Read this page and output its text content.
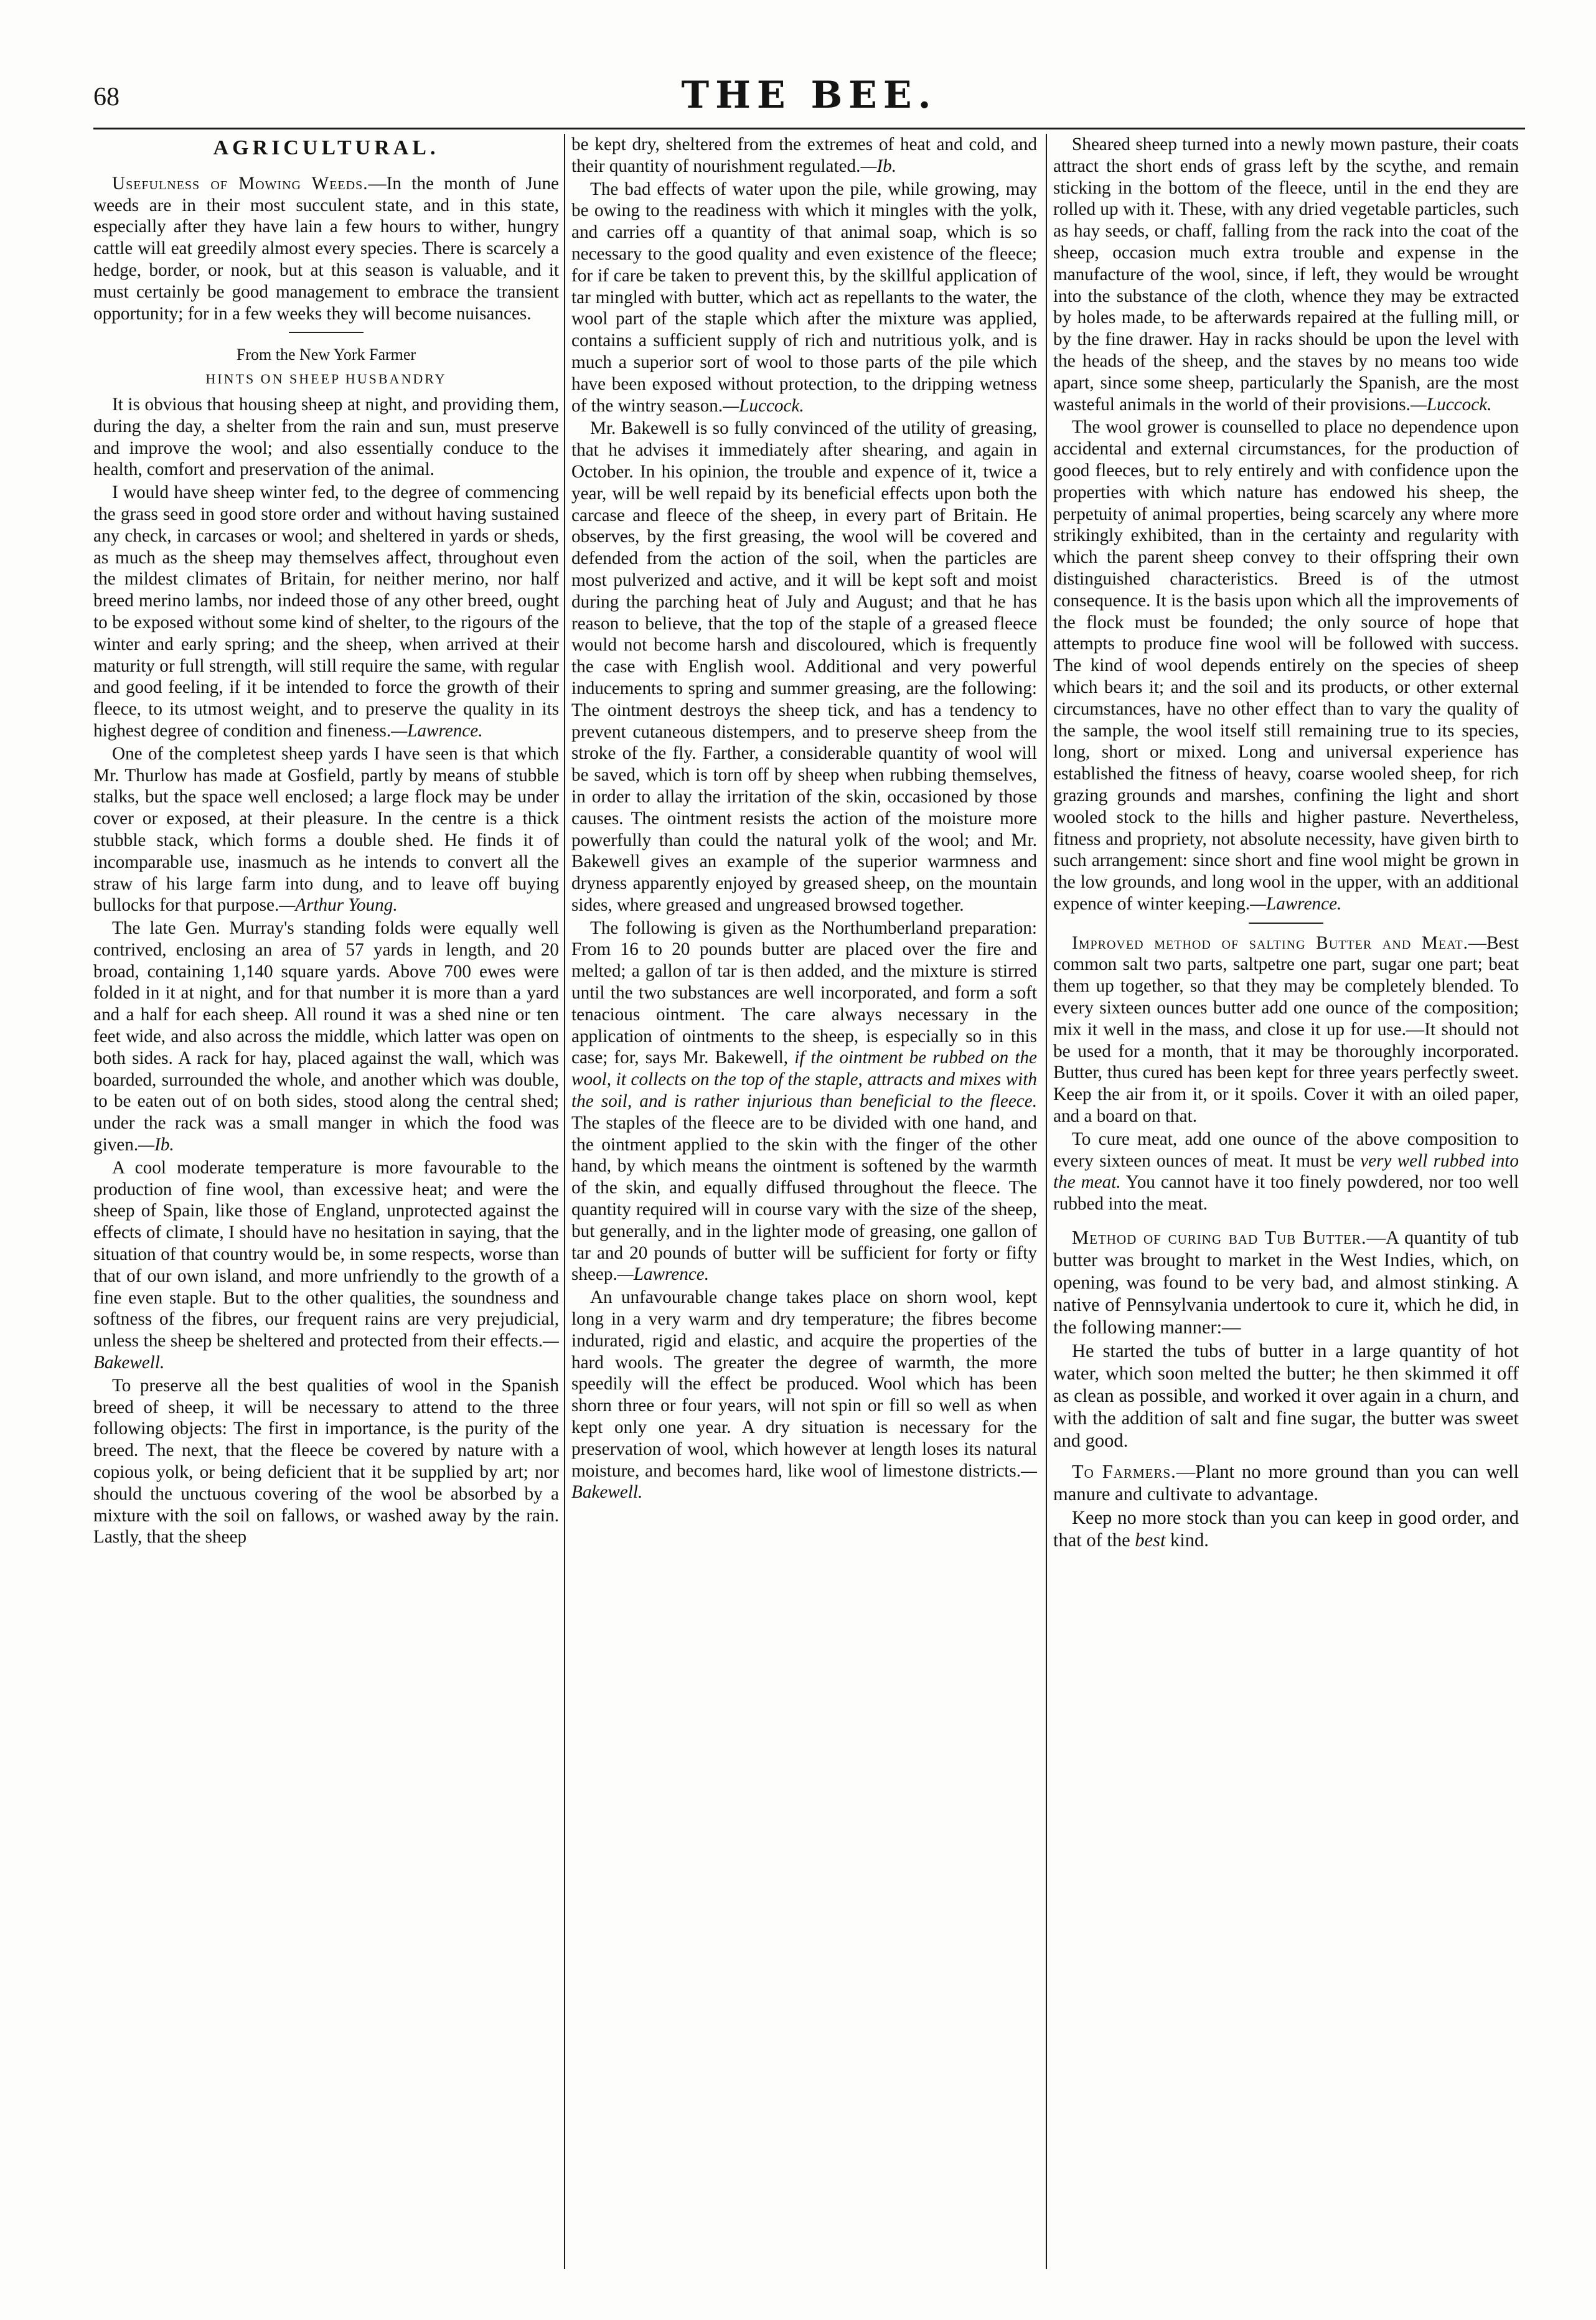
68	THE BEE.
AGRICULTURAL.

Usefulness of Mowing Weeds.—In the month of June weeds are in their most succulent state, and in this state, especially after they have lain a few hours to wither, hungry cattle will eat greedily almost every species. There is scarcely a hedge, border, or nook, but at this season is valuable, and it must certainly be good management to embrace the transient opportunity; for in a few weeks they will become nuisances.

From the New York Farmer
HINTS ON SHEEP HUSBANDRY

It is obvious that housing sheep at night, and providing them, during the day, a shelter from the rain and sun, must preserve and improve the wool; and also essentially conduce to the health, comfort and preservation of the animal.

I would have sheep winter fed, to the degree of commencing the grass seed in good store order and without having sustained any check, in carcases or wool; and sheltered in yards or sheds, as much as the sheep may themselves affect, throughout even the mildest climates of Britain, for neither merino, nor half breed merino lambs, nor indeed those of any other breed, ought to be exposed without some kind of shelter, to the rigours of the winter and early spring; and the sheep, when arrived at their maturity or full strength, will still require the same, with regular and good feeling, if it be intended to force the growth of their fleece, to its utmost weight, and to preserve the quality in its highest degree of condition and fineness.—Lawrence.

One of the completest sheep yards I have seen is that which Mr. Thurlow has made at Gosfield, partly by means of stubble stalks, but the space well enclosed; a large flock may be under cover or exposed, at their pleasure. In the centre is a thick stubble stack, which forms a double shed. He finds it of incomparable use, inasmuch as he intends to convert all the straw of his large farm into dung, and to leave off buying bullocks for that purpose.—Arthur Young.

The late Gen. Murray's standing folds were equally well contrived, enclosing an area of 57 yards in length, and 20 broad, containing 1,140 square yards. Above 700 ewes were folded in it at night, and for that number it is more than a yard and a half for each sheep. All round it was a shed nine or ten feet wide, and also across the middle, which latter was open on both sides. A rack for hay, placed against the wall, which was boarded, surrounded the whole, and another which was double, to be eaten out of on both sides, stood along the central shed; under the rack was a small manger in which the food was given.—Ib.

A cool moderate temperature is more favourable to the production of fine wool, than excessive heat; and were the sheep of Spain, like those of England, unprotected against the effects of climate, I should have no hesitation in saying, that the situation of that country would be, in some respects, worse than that of our own island, and more unfriendly to the growth of a fine even staple. But to the other qualities, the soundness and softness of the fibres, our frequent rains are very prejudicial, unless the sheep be sheltered and protected from their effects.—Bakewell.

To preserve all the best qualities of wool in the Spanish breed of sheep, it will be necessary to attend to the three following objects: The first in importance, is the purity of the breed. The next, that the fleece be covered by nature with a copious yolk, or being deficient that it be supplied by art; nor should the unctuous covering of the wool be absorbed by a mixture with the soil on fallows, or washed away by the rain. Lastly, that the sheep

be kept dry, sheltered from the extremes of heat and cold, and their quantity of nourishment regulated.—Ib.

The bad effects of water upon the pile, while growing, may be owing to the readiness with which it mingles with the yolk, and carries off a quantity of that animal soap, which is so necessary to the good quality and even existence of the fleece; for if care be taken to prevent this, by the skillful application of tar mingled with butter, which act as repellants to the water, the wool part of the staple which after the mixture was applied, contains a sufficient supply of rich and nutritious yolk, and is much a superior sort of wool to those parts of the pile which have been exposed without protection, to the dripping wetness of the wintry season.—Luccock.

Mr. Bakewell is so fully convinced of the utility of greasing, that he advises it immediately after shearing, and again in October. In his opinion, the trouble and expence of it, twice a year, will be well repaid by its beneficial effects upon both the carcase and fleece of the sheep, in every part of Britain. He observes, by the first greasing, the wool will be covered and defended from the action of the soil, when the particles are most pulverized and active, and it will be kept soft and moist during the parching heat of July and August; and that he has reason to believe, that the top of the staple of a greased fleece would not become harsh and discoloured, which is frequently the case with English wool. Additional and very powerful inducements to spring and summer greasing, are the following: The ointment destroys the sheep tick, and has a tendency to prevent cutaneous distempers, and to preserve sheep from the stroke of the fly. Farther, a considerable quantity of wool will be saved, which is torn off by sheep when rubbing themselves, in order to allay the irritation of the skin, occasioned by those causes. The ointment resists the action of the moisture more powerfully than could the natural yolk of the wool; and Mr. Bakewell gives an example of the superior warmness and dryness apparently enjoyed by greased sheep, on the mountain sides, where greased and ungreased browsed together.

The following is given as the Northumberland preparation: From 16 to 20 pounds butter are placed over the fire and melted; a gallon of tar is then added, and the mixture is stirred until the two substances are well incorporated, and form a soft tenacious ointment. The care always necessary in the application of ointments to the sheep, is especially so in this case; for, says Mr. Bakewell, if the ointment be rubbed on the wool, it collects on the top of the staple, attracts and mixes with the soil, and is rather injurious than beneficial to the fleece. The staples of the fleece are to be divided with one hand, and the ointment applied to the skin with the finger of the other hand, by which means the ointment is softened by the warmth of the skin, and equally diffused throughout the fleece. The quantity required will in course vary with the size of the sheep, but generally, and in the lighter mode of greasing, one gallon of tar and 20 pounds of butter will be sufficient for forty or fifty sheep.—Lawrence.

An unfavourable change takes place on shorn wool, kept long in a very warm and dry temperature; the fibres become indurated, rigid and elastic, and acquire the properties of the hard wools. The greater the degree of warmth, the more speedily will the effect be produced. Wool which has been shorn three or four years, will not spin or fill so well as when kept only one year. A dry situation is necessary for the preservation of wool, which however at length loses its natural moisture, and becomes hard, like wool of limestone districts.—Bakewell.

Sheared sheep turned into a newly mown pasture, their coats attract the short ends of grass left by the scythe, and remain sticking in the bottom of the fleece, until in the end they are rolled up with it. These, with any dried vegetable particles, such as hay seeds, or chaff, falling from the rack into the coat of the sheep, occasion much extra trouble and expense in the manufacture of the wool, since, if left, they would be wrought into the substance of the cloth, whence they may be extracted by holes made, to be afterwards repaired at the fulling mill, or by the fine drawer. Hay in racks should be upon the level with the heads of the sheep, and the staves by no means too wide apart, since some sheep, particularly the Spanish, are the most wasteful animals in the world of their provisions.—Luccock.

The wool grower is counselled to place no dependence upon accidental and external circumstances, for the production of good fleeces, but to rely entirely and with confidence upon the properties with which nature has endowed his sheep, the perpetuity of animal properties, being scarcely any where more strikingly exhibited, than in the certainty and regularity with which the parent sheep convey to their offspring their own distinguished characteristics. Breed is of the utmost consequence. It is the basis upon which all the improvements of the flock must be founded; the only source of hope that attempts to produce fine wool will be followed with success. The kind of wool depends entirely on the species of sheep which bears it; and the soil and its products, or other external circumstances, have no other effect than to vary the quality of the sample, the wool itself still remaining true to its species, long, short or mixed. Long and universal experience has established the fitness of heavy, coarse wooled sheep, for rich grazing grounds and marshes, confining the light and short wooled stock to the hills and higher pasture. Nevertheless, fitness and propriety, not absolute necessity, have given birth to such arrangement: since short and fine wool might be grown in the low grounds, and long wool in the upper, with an additional expence of winter keeping.—Lawrence.

Improved method of salting Butter and Meat.—Best common salt two parts, saltpetre one part, sugar one part; beat them up together, so that they may be completely blended. To every sixteen ounces butter add one ounce of the composition; mix it well in the mass, and close it up for use.—It should not be used for a month, that it may be thoroughly incorporated. Butter, thus cured has been kept for three years perfectly sweet. Keep the air from it, or it spoils. Cover it with an oiled paper, and a board on that.

To cure meat, add one ounce of the above composition to every sixteen ounces of meat. It must be very well rubbed into the meat. You cannot have it too finely powdered, nor too well rubbed into the meat.

Method of curing bad Tub Butter.—A quantity of tub butter was brought to market in the West Indies, which, on opening, was found to be very bad, and almost stinking. A native of Pennsylvania undertook to cure it, which he did, in the following manner:—

He started the tubs of butter in a large quantity of hot water, which soon melted the butter; he then skimmed it off as clean as possible, and worked it over again in a churn, and with the addition of salt and fine sugar, the butter was sweet and good.

To Farmers.—Plant no more ground than you can well manure and cultivate to advantage.

Keep no more stock than you can keep in good order, and that of the best kind.
